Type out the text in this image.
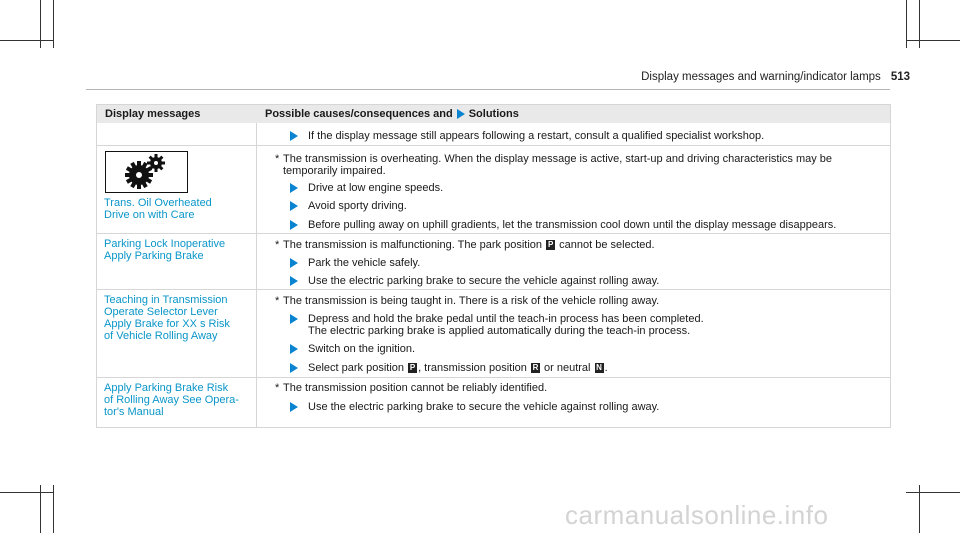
Display messages and warning/indicator lamps 513
Display messages	Possible causes/consequences and Solutions
If the display message still appears following a restart, consult a qualified specialist workshop.
Trans. Oil Overheated
Drive on with Care
* The transmission is overheating. When the display message is active, start-up and driving characteristics may be
temporarily impaired.
Drive at low engine speeds.
Avoid sporty driving.
Before pulling away on uphill gradients, let the transmission cool down until the display message disappears.
Parking Lock Inoperative
Apply Parking Brake
* The transmission is malfunctioning. The park position P cannot be selected.
Park the vehicle safely.
Use the electric parking brake to secure the vehicle against rolling away.
Teaching in Transmission
Operate Selector Lever
Apply Brake for XX s Risk
of Vehicle Rolling Away
* The transmission is being taught in. There is a risk of the vehicle rolling away.
Depress and hold the brake pedal until the teach-in process has been completed.
The electric parking brake is applied automatically during the teach-in process.
Switch on the ignition.
Select park position P , transmission position R or neutral N .
Apply Parking Brake Risk
of Rolling Away See Opera-
tor's Manual
* The transmission position cannot be reliably identified.
Use the electric parking brake to secure the vehicle against rolling away.
carmanualsonline.info
